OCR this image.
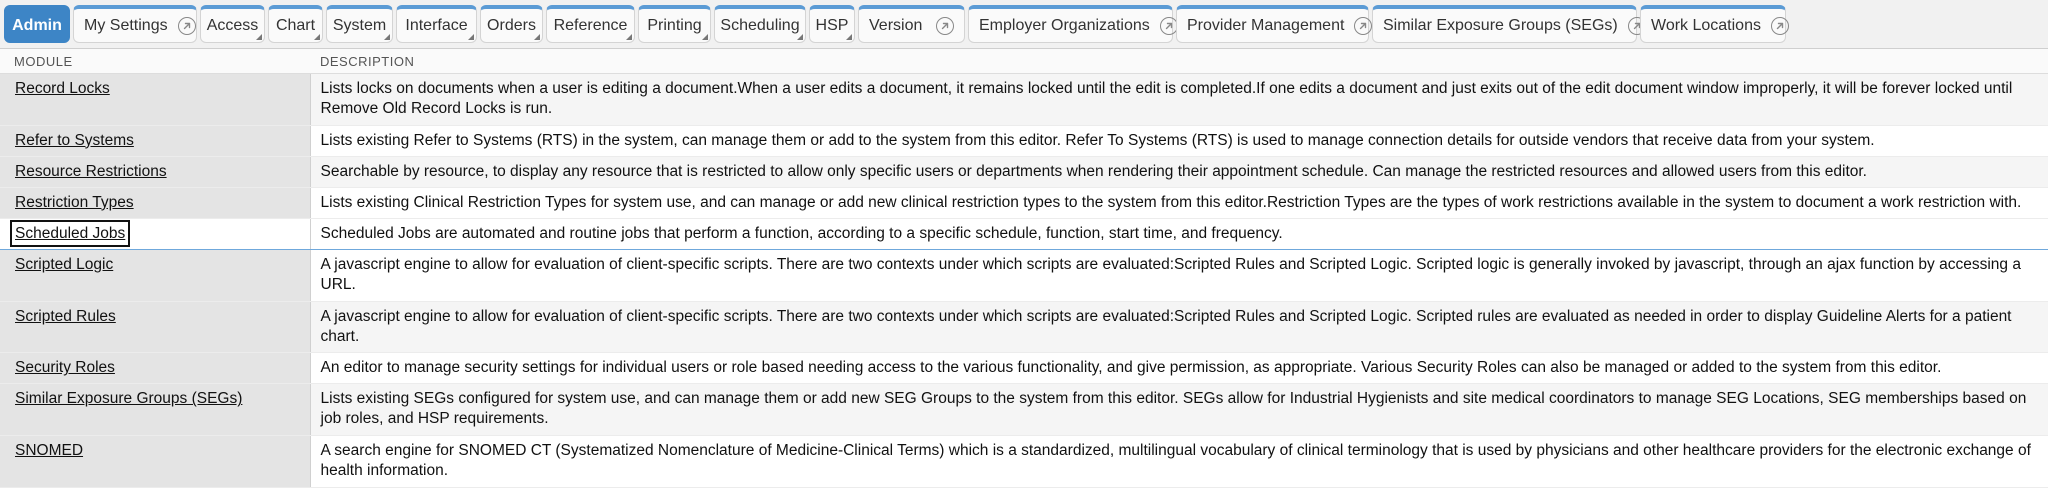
Admin My Settings Access Chart System Interface Orders Reference Printing Scheduling HSP Version	Employer Organizations Provider Management Similar Exposure Groups (SEGs) Work Locations
MODULE	DESCRIPTION
Record Locks	Lists locks on documents when a user is editing a document.When a user edits a document, it remains locked until the edit is completed.If one edits a document and just exits out of the edit document window improperly, it will be forever locked until Remove Old Record Locks is run.
Refer to Systems	Lists existing Refer to Systems (RTS) in the system, can manage them or add to the system from this editor. Refer To Systems (RTS) is used to manage connection details for outside vendors that receive data from your system.
Resource Restrictions	Searchable by resource, to display any resource that is restricted to allow only specific users or departments when rendering their appointment schedule. Can manage the restricted resources and allowed users from this editor.
Restriction Types	Lists existing Clinical Restriction Types for system use, and can manage or add new clinical restriction types to the system from this editor.Restriction Types are the types of work restrictions available in the system to document a work restriction with.
Scheduled Jobs	Scheduled Jobs are automated and routine jobs that perform a function, according to a specific schedule, function, start time, and frequency.
Scripted Logic	A javascript engine to allow for evaluation of client-specific scripts. There are two contexts under which scripts are evaluated:Scripted Rules and Scripted Logic. Scripted logic is generally invoked by javascript, through an ajax function by accessing a URL.
Scripted Rules	A javascript engine to allow for evaluation of client-specific scripts. There are two contexts under which scripts are evaluated:Scripted Rules and Scripted Logic. Scripted rules are evaluated as needed in order to display Guideline Alerts for a patient chart.
Security Roles	An editor to manage security settings for individual users or role based needing access to the various functionality, and give permission, as appropriate. Various Security Roles can also be managed or added to the system from this editor.
Similar Exposure Groups (SEGs)	Lists existing SEGs configured for system use, and can manage them or add new SEG Groups to the system from this editor. SEGs allow for Industrial Hygienists and site medical coordinators to manage SEG Locations, SEG memberships based on job roles, and HSP requirements.
SNOMED	A search engine for SNOMED CT (Systematized Nomenclature of Medicine-Clinical Terms) which is a standardized, multilingual vocabulary of clinical terminology that is used by physicians and other healthcare providers for the electronic exchange of health information.
